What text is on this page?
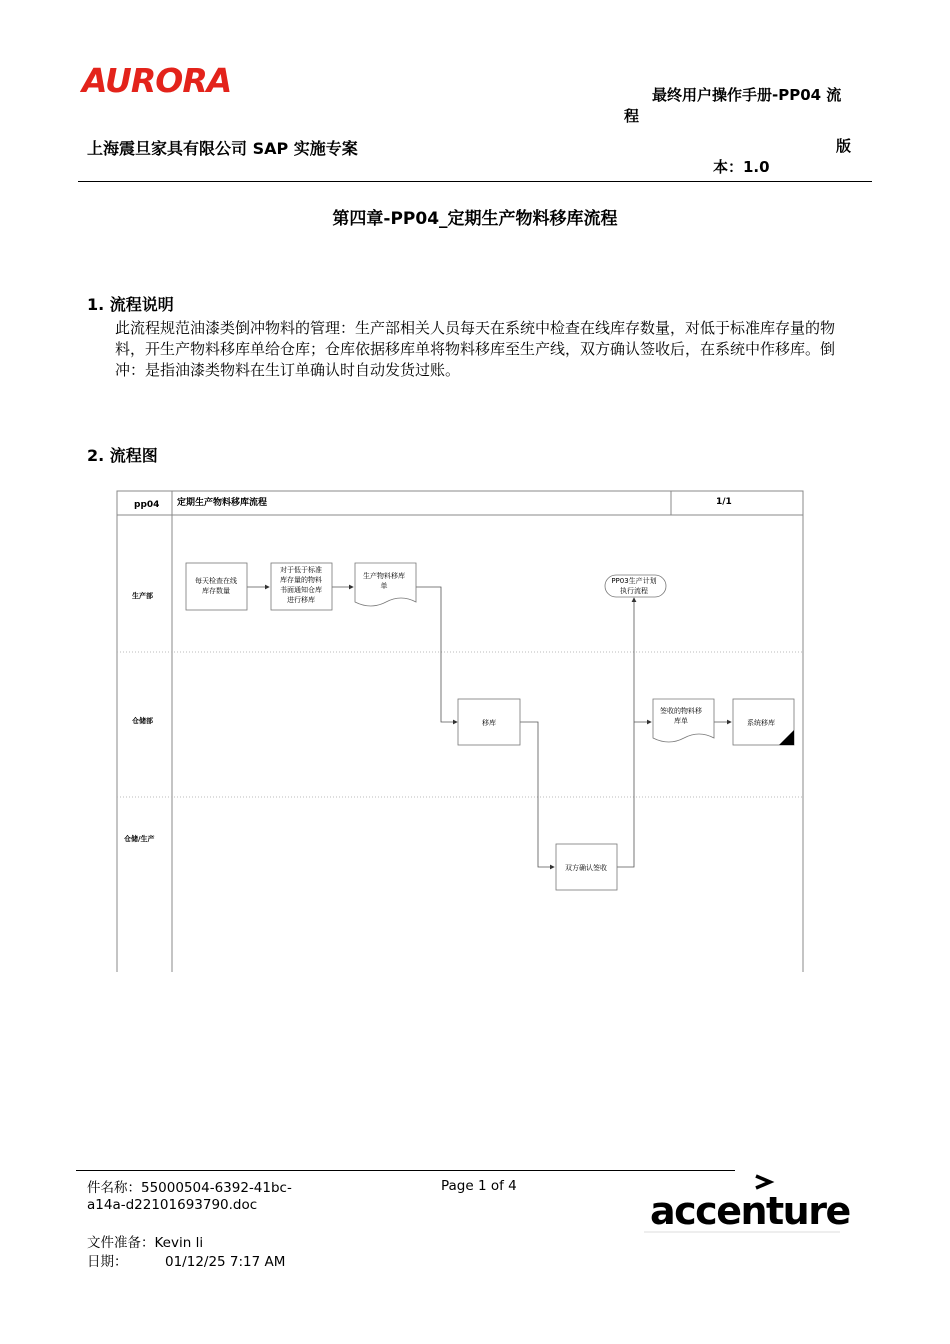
AURORA	最终用户操作手册-PP04 流
程
上海震旦家具有限公司 SAP 实施专案	版
本：1.0
第四章-PP04_定期生产物料移库流程
1. 流程说明
此流程规范油漆类倒冲物料的管理：生产部相关人员每天在系统中检查在线库存数量，对低于标准库存量的物料，开生产物料移库单给仓库；仓库依据移库单将物料移库至生产线，双方确认签收后，在系统中作移库。倒冲：是指油漆类物料在生订单确认时自动发货过账。
2. 流程图
pp04 定期生产物料移库流程	1/1
生产部
仓储部
仓储/生产
每天检查在线库存数量
对于低于标准库存量的物料书面通知仓库进行移库
生产物料移库单
PP03生产计划执行流程
移库
签收的物料移库单	系统移库
双方确认签收
件名称：55000504-6392-41bc-
a14a-d22101693790.doc
Page 1 of 4
文件准备：Kevin li
日期：	01/12/25 7:17 AM
accenture
